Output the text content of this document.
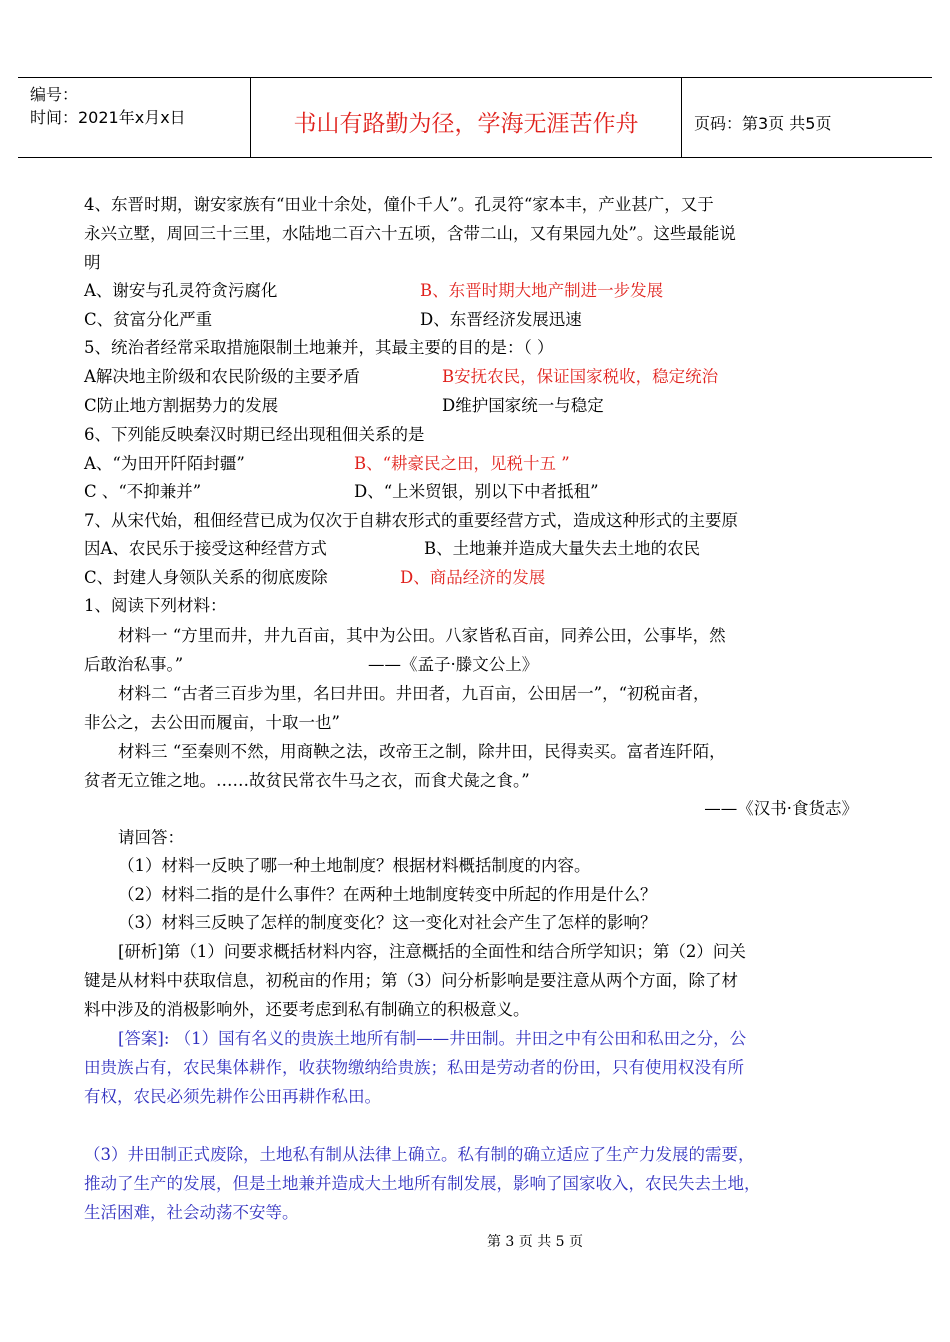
编号：
时间：2021年x月x日	书山有路勤为径，学海无涯苦作舟	页码：第3页 共5页
4、东晋时期，谢安家族有“田业十余处，僮仆千人”。孔灵符“家本丰，产业甚广，又于
永兴立墅，周回三十三里，水陆地二百六十五顷，含带二山，又有果园九处”。这些最能说
明
A、谢安与孔灵符贪污腐化	B、东晋时期大地产制进一步发展
C、贫富分化严重	D、东晋经济发展迅速
5、统治者经常采取措施限制土地兼并，其最主要的目的是：（ ）
A解决地主阶级和农民阶级的主要矛盾	B安抚农民，保证国家税收，稳定统治
C防止地方割据势力的发展	D维护国家统一与稳定
6、下列能反映秦汉时期已经出现租佃关系的是
A、“为田开阡陌封疆”	B、“耕豪民之田，见税十五 ”
C 、“不抑兼并”	D、“上米贸银，别以下中者抵租”
7、从宋代始，租佃经营已成为仅次于自耕农形式的重要经营方式，造成这种形式的主要原
因A、农民乐于接受这种经营方式	B、土地兼并造成大量失去土地的农民
C、封建人身领队关系的彻底废除	D、商品经济的发展
1、阅读下列材料：
材料一 “方里而井，井九百亩，其中为公田。八家皆私百亩，同养公田，公事毕，然
后敢治私事。”	——《孟子·滕文公上》
材料二 “古者三百步为里，名曰井田。井田者，九百亩，公田居一”，“初税亩者，
非公之，去公田而履亩，十取一也”
材料三 “至秦则不然，用商鞅之法，改帝王之制，除井田，民得卖买。富者连阡陌，
贫者无立锥之地。……故贫民常衣牛马之衣，而食犬彘之食。”
——《汉书·食货志》
请回答：
（1）材料一反映了哪一种土地制度？根据材料概括制度的内容。
（2）材料二指的是什么事件？在两种土地制度转变中所起的作用是什么？
（3）材料三反映了怎样的制度变化？这一变化对社会产生了怎样的影响？
[研析]第（1）问要求概括材料内容，注意概括的全面性和结合所学知识；第（2）问关
键是从材料中获取信息，初税亩的作用；第（3）问分析影响是要注意从两个方面，除了材
料中涉及的消极影响外，还要考虑到私有制确立的积极意义。
[答案]: （1）国有名义的贵族土地所有制——井田制。井田之中有公田和私田之分，公
田贵族占有，农民集体耕作，收获物缴纳给贵族；私田是劳动者的份田，只有使用权没有所
有权，农民必须先耕作公田再耕作私田。
（3）井田制正式废除，土地私有制从法律上确立。私有制的确立适应了生产力发展的需要，
推动了生产的发展，但是土地兼并造成大土地所有制发展，影响了国家收入，农民失去土地，
生活困难，社会动荡不安等。
第 3 页 共 5 页
